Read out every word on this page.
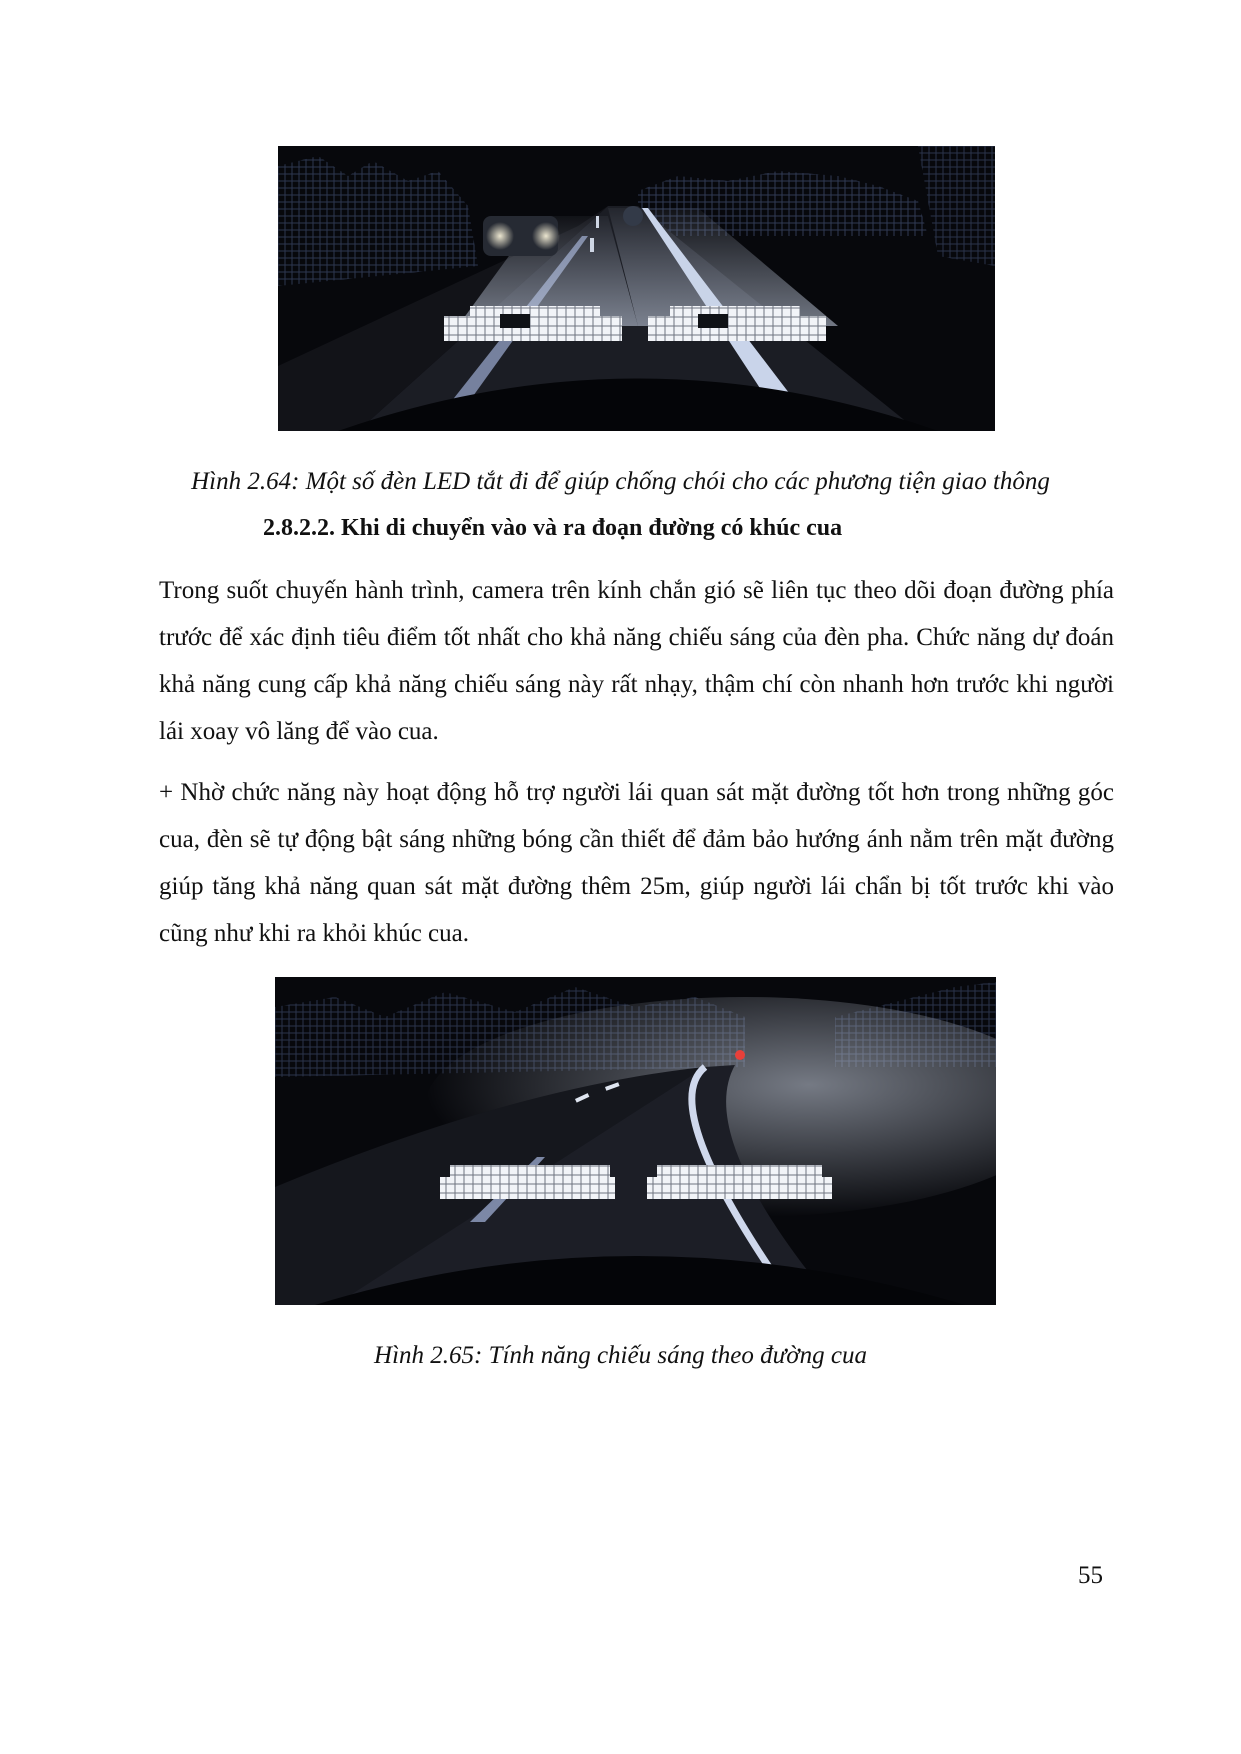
Hình 2.64: Một số đèn LED tắt đi để giúp chống chói cho các phương tiện giao thông
2.8.2.2. Khi di chuyển vào và ra đoạn đường có khúc cua

Trong suốt chuyến hành trình, camera trên kính chắn gió sẽ liên tục theo dõi đoạn đường phía trước để xác định tiêu điểm tốt nhất cho khả năng chiếu sáng của đèn pha. Chức năng dự đoán khả năng cung cấp khả năng chiếu sáng này rất nhạy, thậm chí còn nhanh hơn trước khi người lái xoay vô lăng để vào cua.

+ Nhờ chức năng này hoạt động hỗ trợ người lái quan sát mặt đường tốt hơn trong những góc cua, đèn sẽ tự động bật sáng những bóng cần thiết để đảm bảo hướng ánh nằm trên mặt đường giúp tăng khả năng quan sát mặt đường thêm 25m, giúp người lái chẩn bị tốt trước khi vào cũng như khi ra khỏi khúc cua.

Hình 2.65: Tính năng chiếu sáng theo đường cua
55
